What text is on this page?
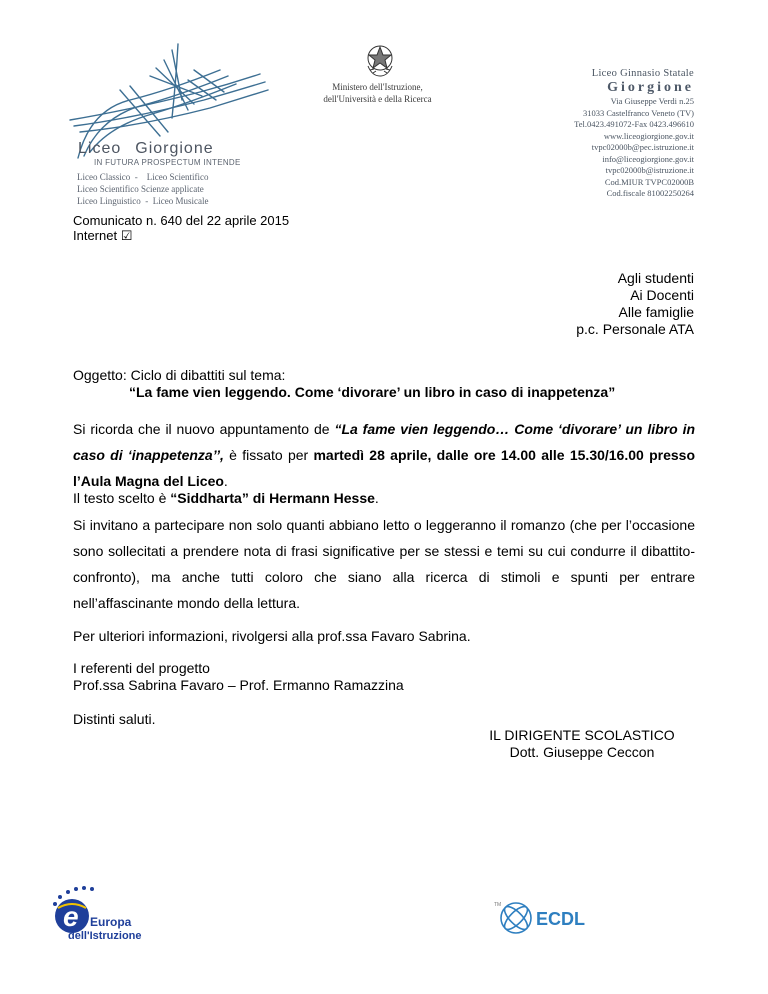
Liceo Giorgione
IN FUTURA PROSPECTUM INTENDE
Liceo Classico  -    Liceo Scientifico
Liceo Scientifico Scienze applicate
Liceo Linguistico  -  Liceo Musicale
Ministero dell'Istruzione,
dell'Università e della Ricerca
Liceo Ginnasio Statale
Giorgione
Via Giuseppe Verdi n.25
31033 Castelfranco Veneto (TV)
Tel.0423.491072-Fax 0423.496610
www.liceogiorgione.gov.it
tvpc02000b@pec.istruzione.it
info@liceogiorgione.gov.it
tvpc02000b@istruzione.it
Cod.MIUR TVPC02000B
Cod.fiscale 81002250264
Comunicato n. 640 del 22 aprile 2015
Internet ☑
Agli studenti
Ai Docenti
Alle famiglie
p.c. Personale ATA
Oggetto: Ciclo di dibattiti sul tema:
“La fame vien leggendo. Come ‘divorare’ un libro in caso di inappetenza”
Si ricorda che il nuovo appuntamento de “La fame vien leggendo… Come ‘divorare’ un libro in caso di ‘inappetenza’’, è fissato per martedì 28 aprile, dalle ore 14.00 alle 15.30/16.00 presso l’Aula Magna del Liceo.
Il testo scelto è “Siddharta” di Hermann Hesse.
Si invitano a partecipare non solo quanti abbiano letto o leggeranno il romanzo (che per l’occasione sono sollecitati a prendere nota di frasi significative per se stessi e temi su cui condurre il dibattito-confronto), ma anche tutti coloro che siano alla ricerca di stimoli e spunti per entrare nell’affascinante mondo della lettura.
Per ulteriori informazioni, rivolgersi alla prof.ssa Favaro Sabrina.
I referenti del progetto
Prof.ssa Sabrina Favaro – Prof. Ermanno Ramazzina
Distinti saluti.
IL DIRIGENTE SCOLASTICO
Dott. Giuseppe Ceccon
e Europa
dell'Istruzione
TM
ECDL
